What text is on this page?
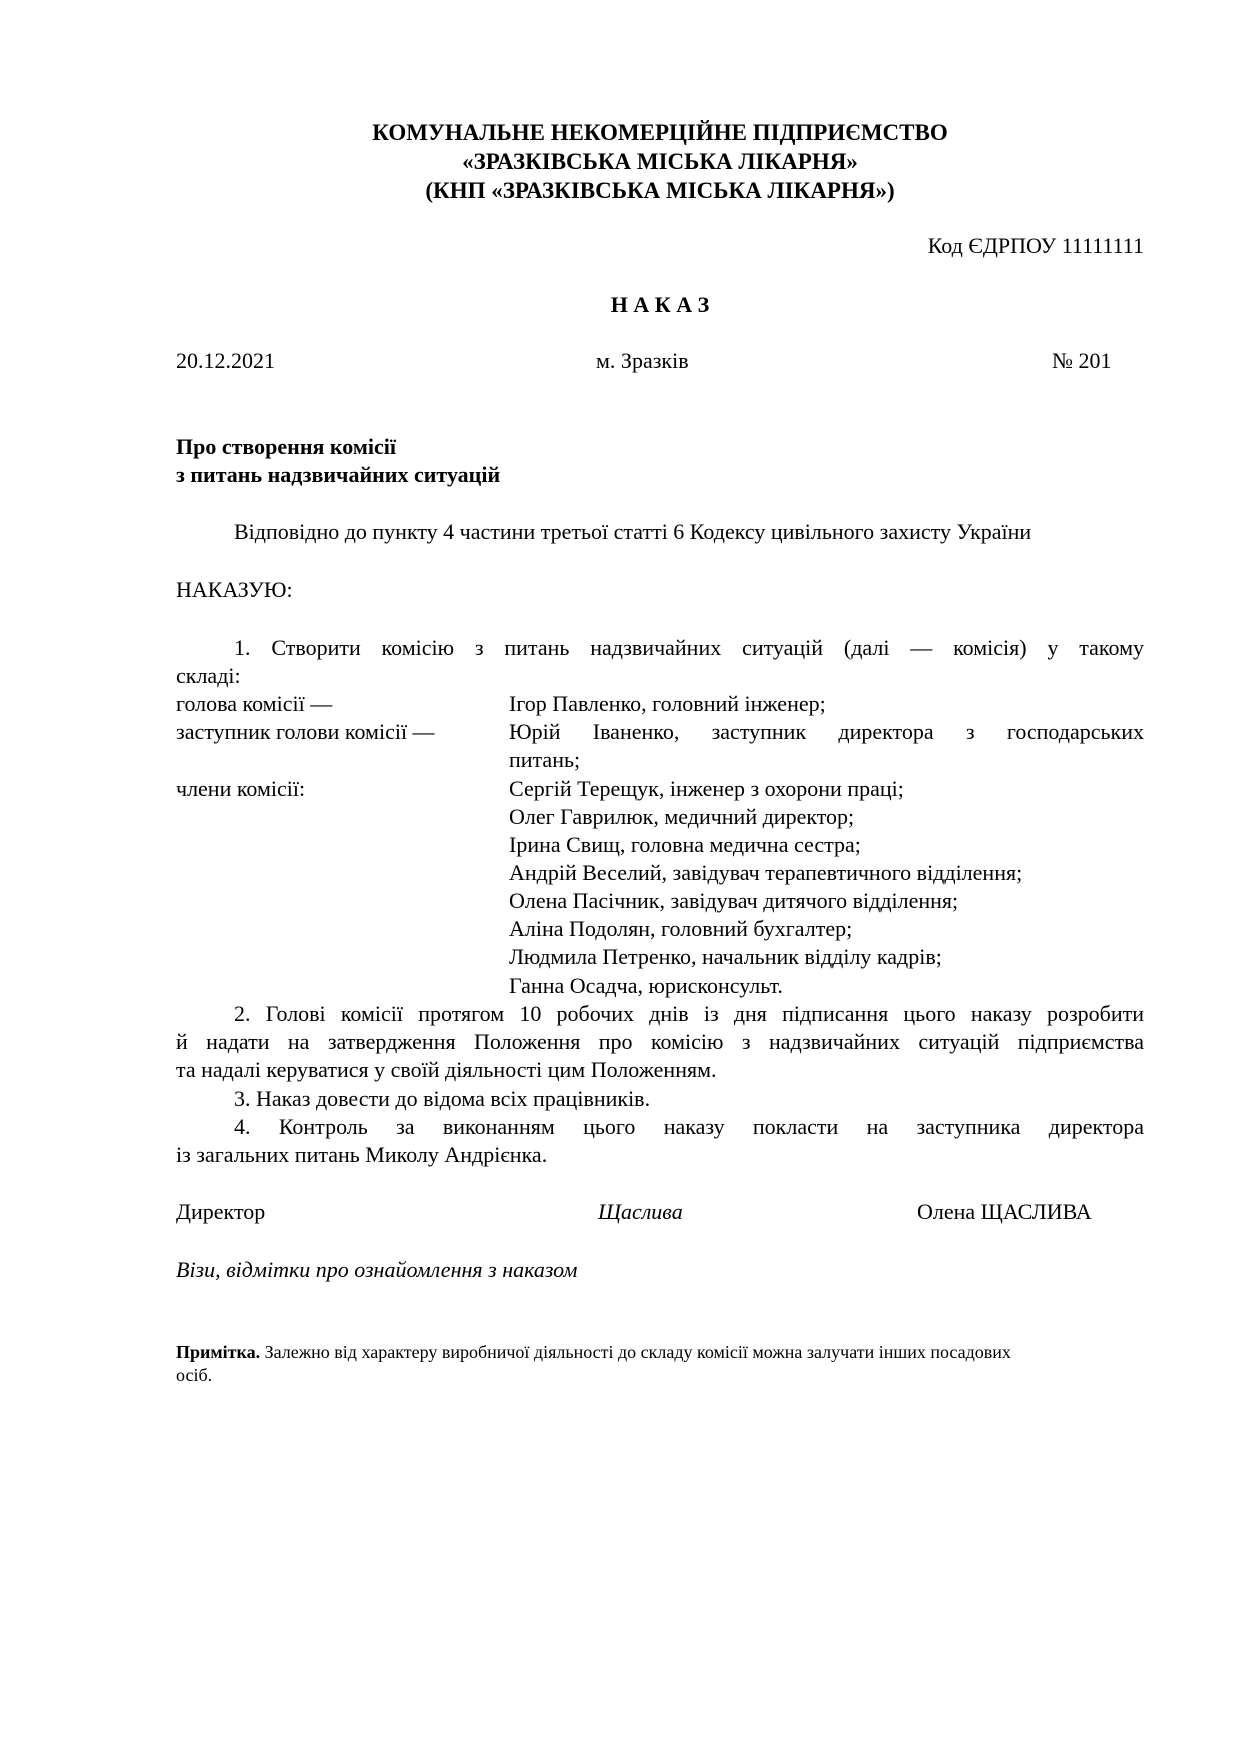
КОМУНАЛЬНЕ НЕКОМЕРЦІЙНЕ ПІДПРИЄМСТВО
«ЗРАЗКІВСЬКА МІСЬКА ЛІКАРНЯ»
(КНП «ЗРАЗКІВСЬКА МІСЬКА ЛІКАРНЯ»)
Код ЄДРПОУ 11111111
Н А К А З
20.12.2021	м. Зразків	№ 201
Про створення комісії
з питань надзвичайних ситуацій
Відповідно до пункту 4 частини третьої статті 6 Кодексу цивільного захисту України
НАКАЗУЮ:
1. Створити комісію з питань надзвичайних ситуацій (далі — комісія) у такому
складі:
голова комісії —	Ігор Павленко, головний інженер;
заступник голови комісії —	Юрій Іваненко, заступник директора з господарських
питань;
члени комісії:	Сергій Терещук, інженер з охорони праці;
Олег Гаврилюк, медичний директор;
Ірина Свищ, головна медична сестра;
Андрій Веселий, завідувач терапевтичного відділення;
Олена Пасічник, завідувач дитячого відділення;
Аліна Подолян, головний бухгалтер;
Людмила Петренко, начальник відділу кадрів;
Ганна Осадча, юрисконсульт.
2. Голові комісії протягом 10 робочих днів із дня підписання цього наказу розробити
й надати на затвердження Положення про комісію з надзвичайних ситуацій підприємства
та надалі керуватися у своїй діяльності цим Положенням.
3. Наказ довести до відома всіх працівників.
4. Контроль за виконанням цього наказу покласти на заступника директора
із загальних питань Миколу Андрієнка.
Директор	Щаслива	Олена ЩАСЛИВА
Візи, відмітки про ознайомлення з наказом
Примітка. Залежно від характеру виробничої діяльності до складу комісії можна залучати інших посадових
осіб.
